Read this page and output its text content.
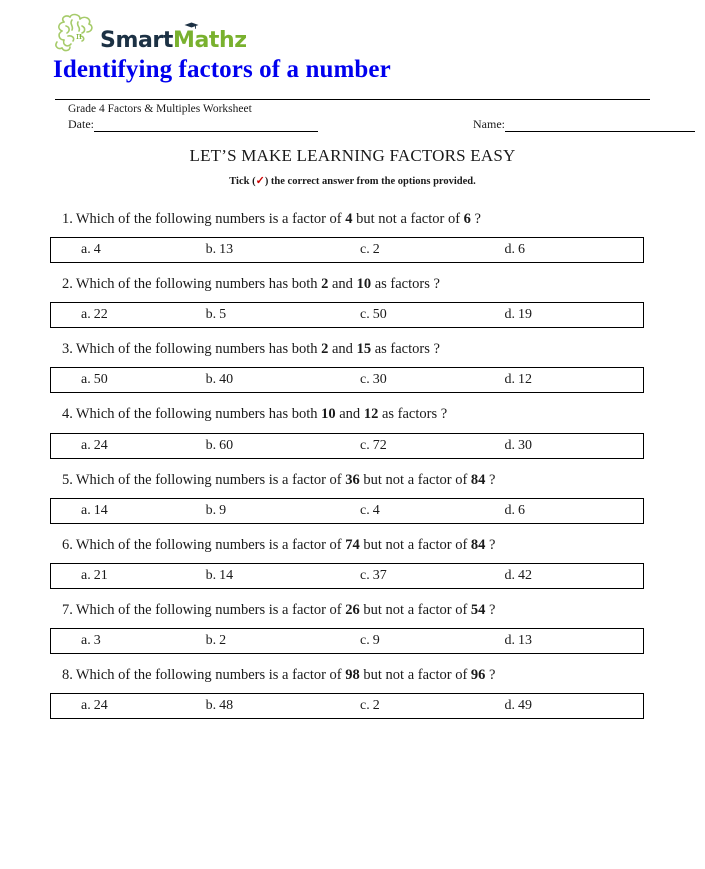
π Smart Mathz
Identifying factors of a number
Grade 4 Factors & Multiples Worksheet
Date:	Name:
LET’S MAKE LEARNING FACTORS EASY
Tick (✓) the correct answer from the options provided.
1. Which of the following numbers is a factor of 4 but not a factor of 6 ?
a. 4	b. 13	c. 2	d. 6
2. Which of the following numbers has both 2 and 10 as factors ?
a. 22	b. 5	c. 50	d. 19
3. Which of the following numbers has both 2 and 15 as factors ?
a. 50	b. 40	c. 30	d. 12
4. Which of the following numbers has both 10 and 12 as factors ?
a. 24	b. 60	c. 72	d. 30
5. Which of the following numbers is a factor of 36 but not a factor of 84 ?
a. 14	b. 9	c. 4	d. 6
6. Which of the following numbers is a factor of 74 but not a factor of 84 ?
a. 21	b. 14	c. 37	d. 42
7. Which of the following numbers is a factor of 26 but not a factor of 54 ?
a. 3	b. 2	c. 9	d. 13
8. Which of the following numbers is a factor of 98 but not a factor of 96 ?
a. 24	b. 48	c. 2	d. 49
